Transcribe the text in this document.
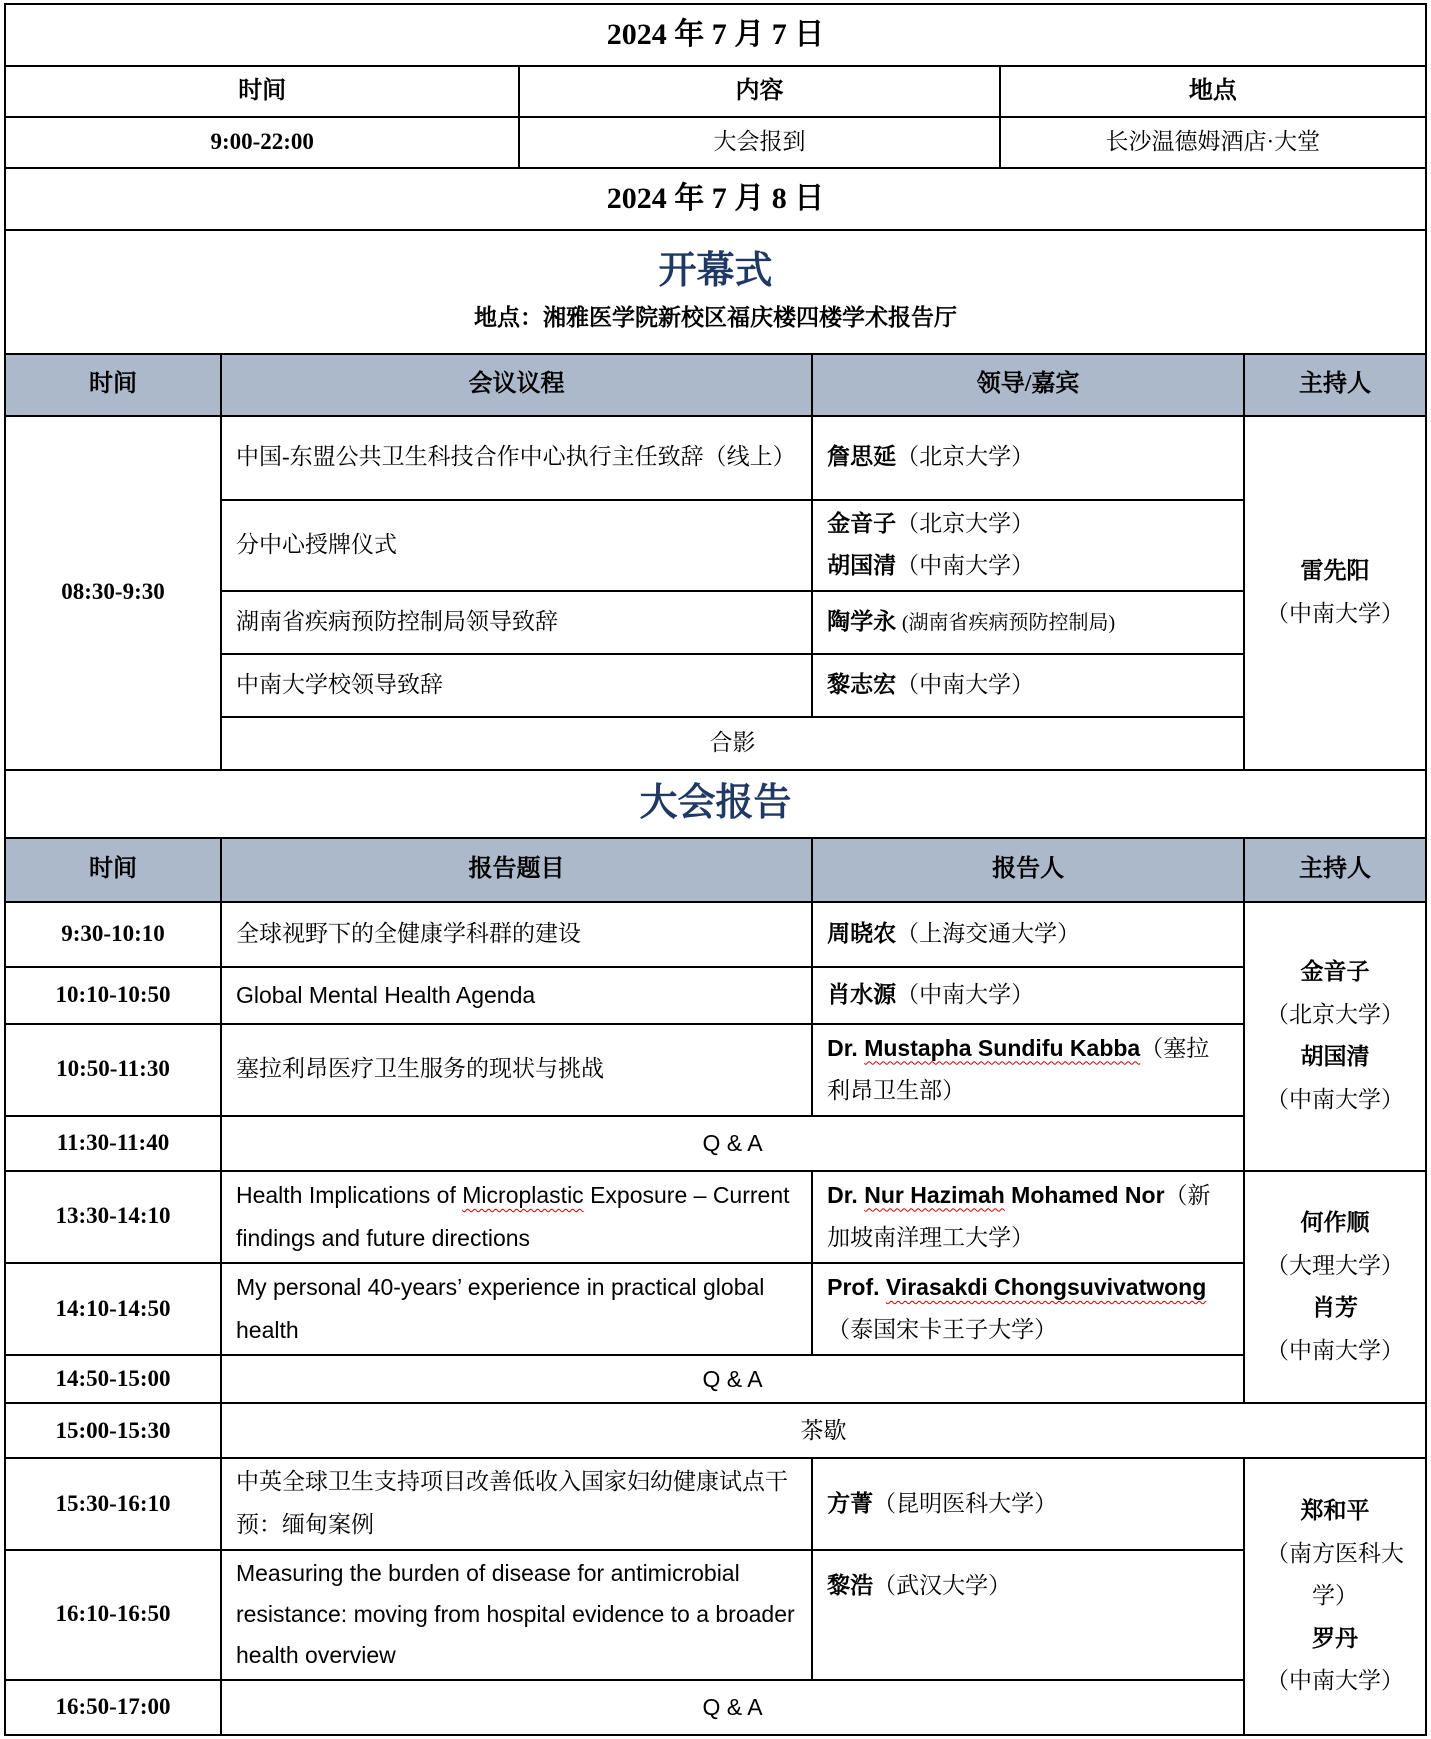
2024 年 7 月 7 日		
时间	内容	地点
9:00-22:00	大会报到	长沙温德姆酒店·大堂
2024 年 7 月 8 日		

开幕式
地点：湘雅医学院新校区福庆楼四楼学术报告厅		
时间	会议议程	领导/嘉宾	主持人
08:30-9:30	中国-东盟公共卫生科技合作中心执行主任致辞（线上）	詹思延（北京大学）	雷先阳
（中南大学）

	分中心授牌仪式	金音子（北京大学）
胡国清（中南大学）	

	湖南省疾病预防控制局领导致辞	陶学永 (湖南省疾病预防控制局)	
	中南大学校领导致辞	黎志宏（中南大学）	
	合影		
大会报告			
时间	报告题目	报告人	主持人
9:30-10:10	全球视野下的全健康学科群的建设	周晓农（上海交通大学）	金音子
（北京大学）
胡国清
（中南大学）

10:10-10:50	Global Mental Health Agenda	肖水源（中南大学）	
10:50-11:30	塞拉利昂医疗卫生服务的现状与挑战	Dr. Mustapha Sundifu Kabba（塞拉利昂卫生部）	
11:30-11:40	Q & A		
13:30-14:10	Health Implications of Microplastic Exposure – Current findings and future directions	Dr. Nur Hazimah Mohamed Nor（新加坡南洋理工大学）	何作顺
（大理大学）
肖芳
（中南大学）

14:10-14:50	My personal 40-years’ experience in practical global health	Prof. Virasakdi Chongsuvivatwong
（泰国宋卡王子大学）	
14:50-15:00	Q & A		
15:00-15:30	茶歇		
15:30-16:10	中英全球卫生支持项目改善低收入国家妇幼健康试点干预：缅甸案例	方菁（昆明医科大学）	郑和平
（南方医科大学）
罗丹
（中南大学）

16:10-16:50	Measuring the burden of disease for antimicrobial resistance: moving from hospital evidence to a broader health overview	黎浩（武汉大学）	
16:50-17:00	Q & A		
